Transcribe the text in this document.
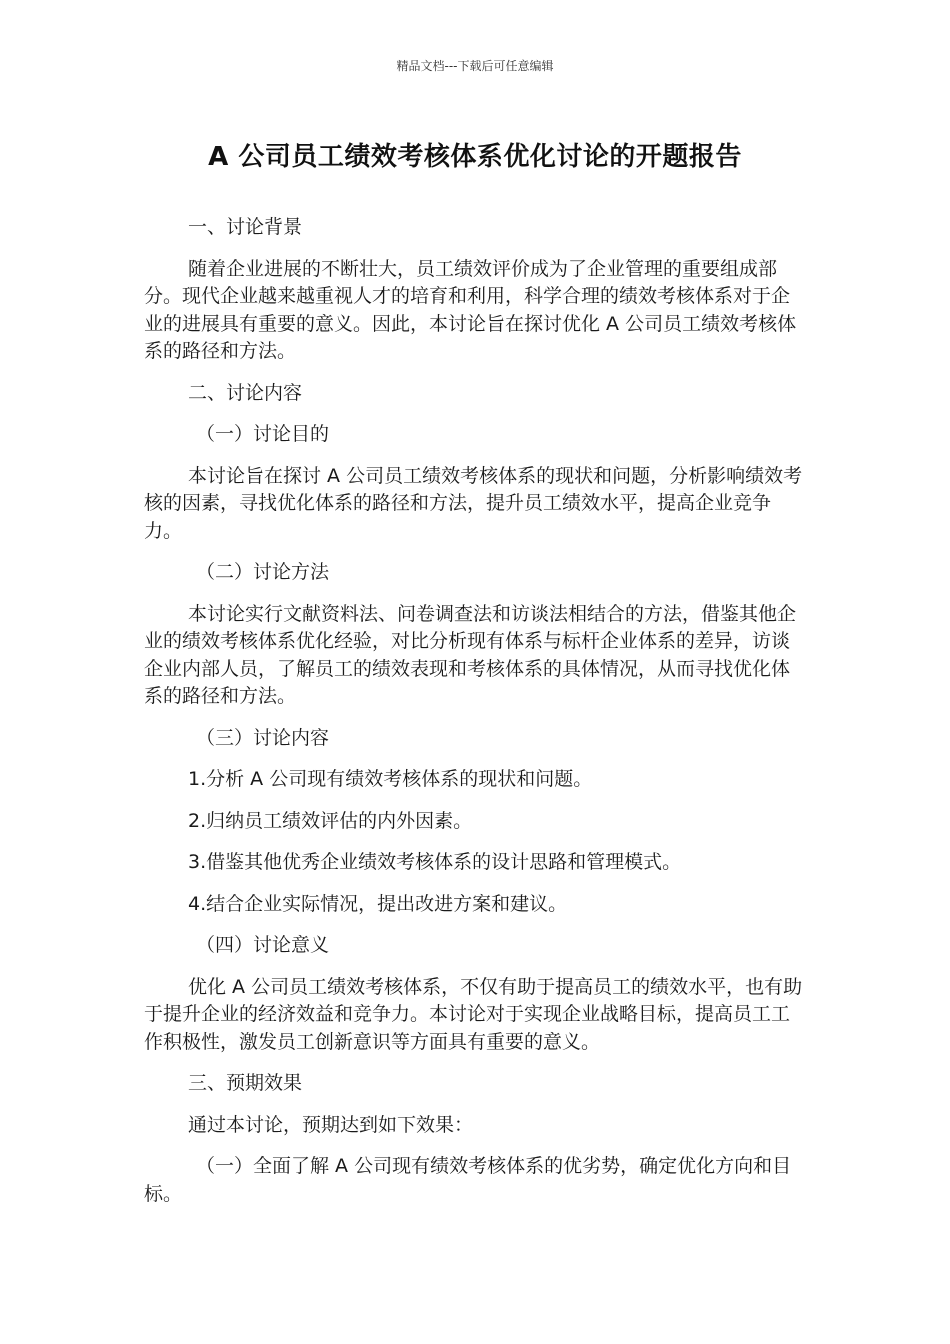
精品文档---下载后可任意编辑
A 公司员工绩效考核体系优化讨论的开题报告

一、讨论背景

随着企业进展的不断壮大，员工绩效评价成为了企业管理的重要组成部分。现代企业越来越重视人才的培育和利用，科学合理的绩效考核体系对于企业的进展具有重要的意义。因此，本讨论旨在探讨优化 A 公司员工绩效考核体系的路径和方法。

二、讨论内容

（一）讨论目的

本讨论旨在探讨 A 公司员工绩效考核体系的现状和问题，分析影响绩效考核的因素，寻找优化体系的路径和方法，提升员工绩效水平，提高企业竞争力。

（二）讨论方法

本讨论实行文献资料法、问卷调查法和访谈法相结合的方法，借鉴其他企业的绩效考核体系优化经验，对比分析现有体系与标杆企业体系的差异，访谈企业内部人员，了解员工的绩效表现和考核体系的具体情况，从而寻找优化体系的路径和方法。

（三）讨论内容

1.分析 A 公司现有绩效考核体系的现状和问题。

2.归纳员工绩效评估的内外因素。

3.借鉴其他优秀企业绩效考核体系的设计思路和管理模式。

4.结合企业实际情况，提出改进方案和建议。

（四）讨论意义

优化 A 公司员工绩效考核体系，不仅有助于提高员工的绩效水平，也有助于提升企业的经济效益和竞争力。本讨论对于实现企业战略目标，提高员工工作积极性，激发员工创新意识等方面具有重要的意义。

三、预期效果

通过本讨论，预期达到如下效果：

（一）全面了解 A 公司现有绩效考核体系的优劣势，确定优化方向和目标。
